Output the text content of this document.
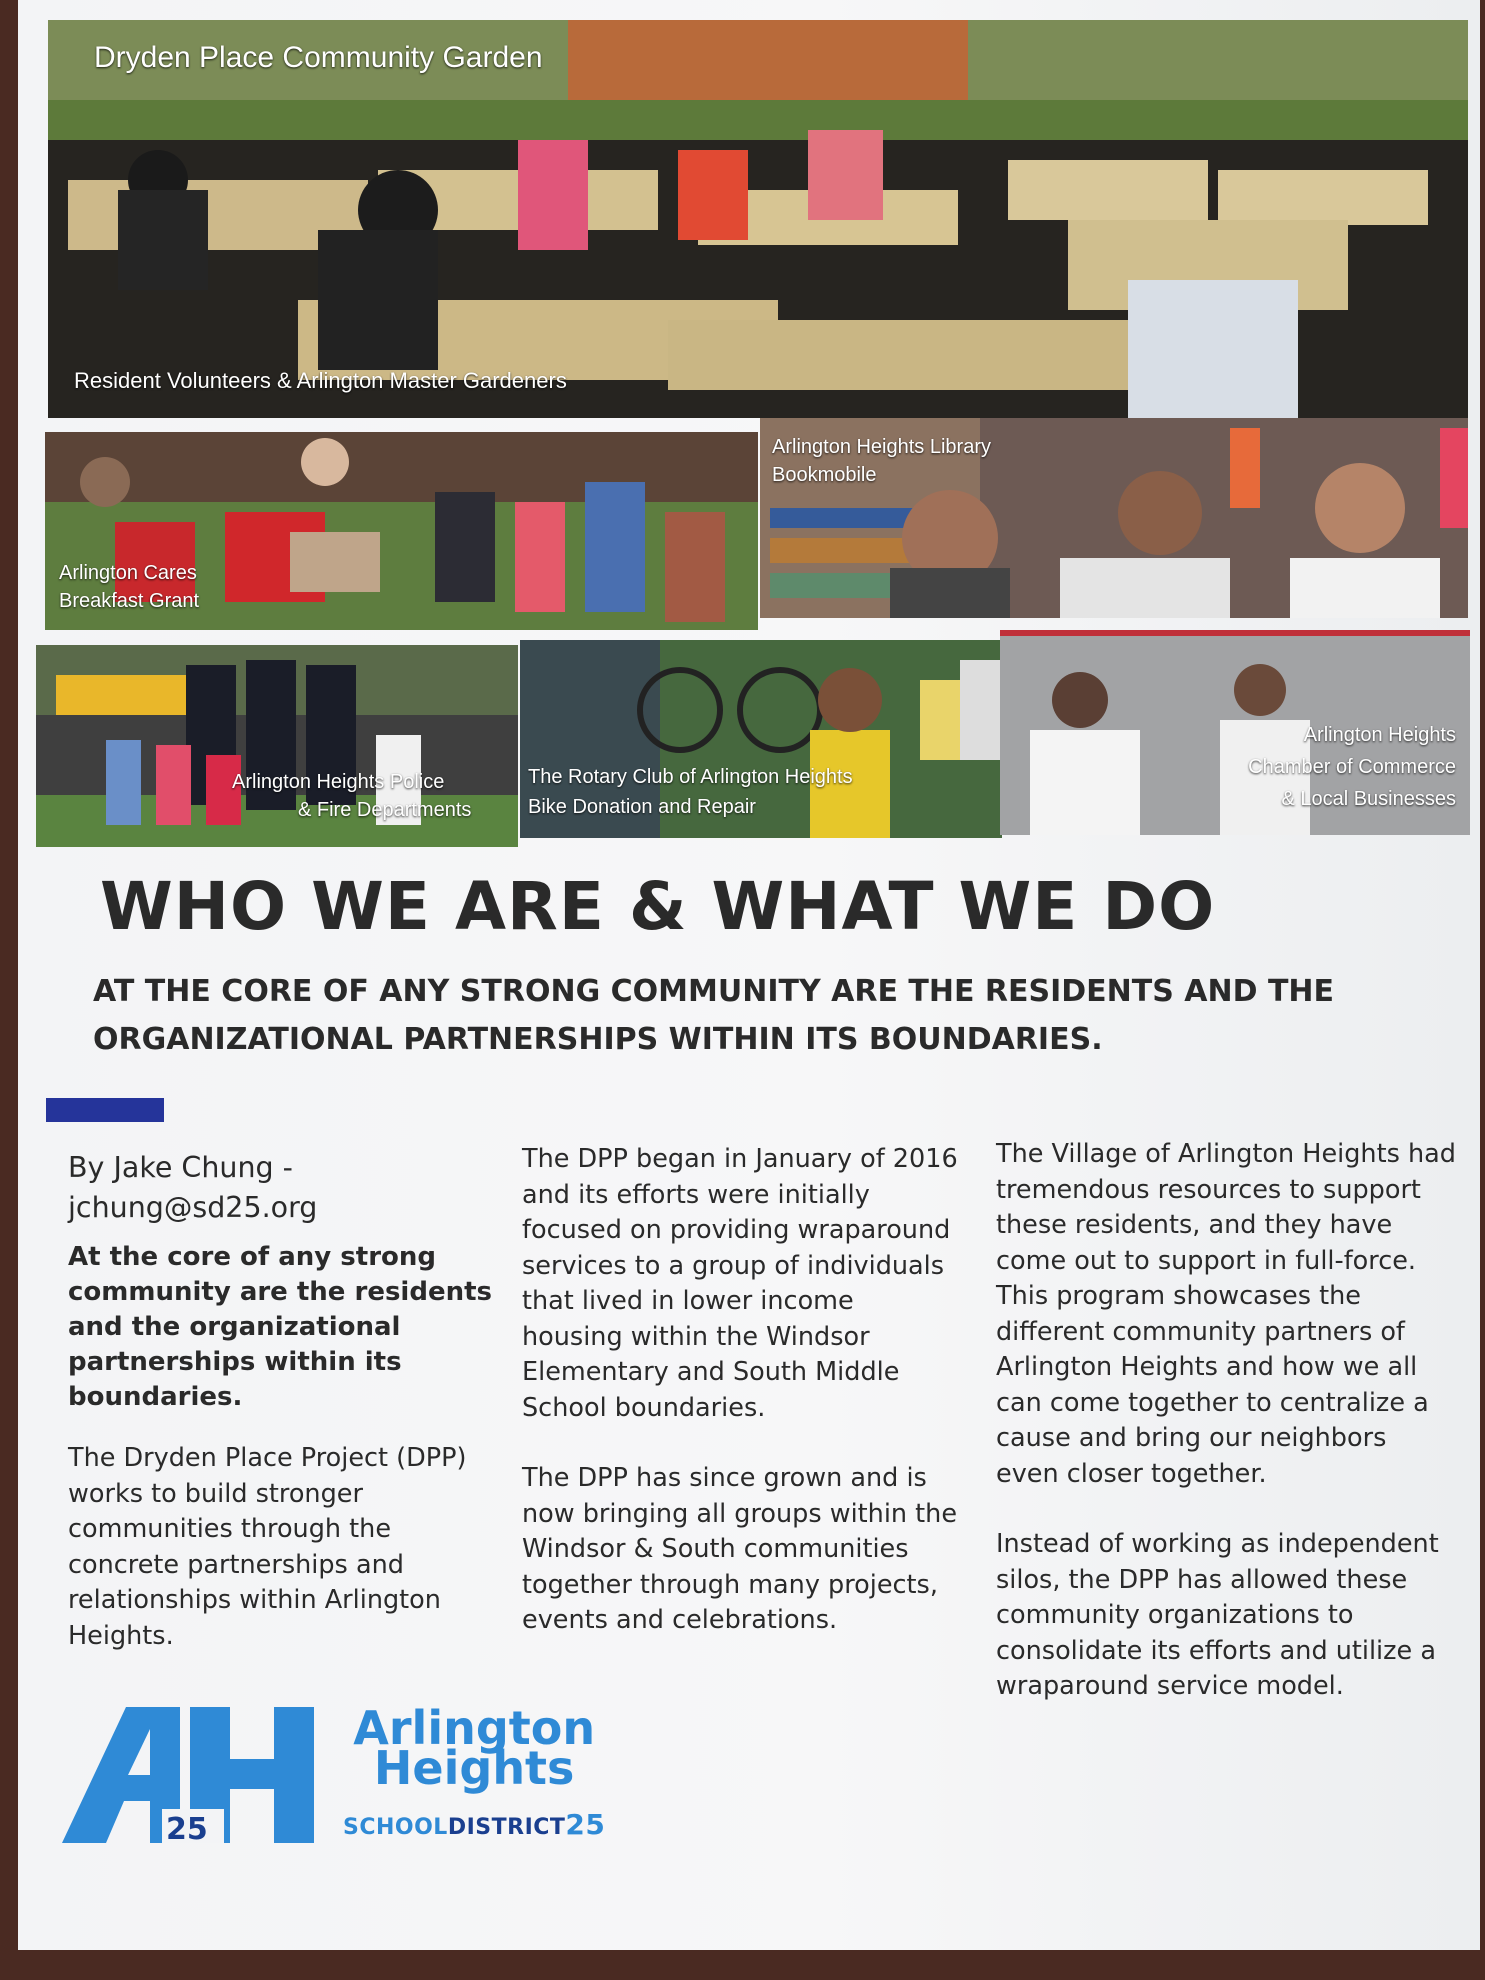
Dryden Place Community Garden
Resident Volunteers & Arlington Master Gardeners
Arlington Cares
Breakfast Grant
Arlington Heights Library
Bookmobile
Arlington Heights Police
& Fire Departments
The Rotary Club of Arlington Heights
Bike Donation and Repair
Arlington Heights
Chamber of Commerce
& Local Businesses
WHO WE ARE & WHAT WE DO
AT THE CORE OF ANY STRONG COMMUNITY ARE THE RESIDENTS AND THE ORGANIZATIONAL PARTNERSHIPS WITHIN ITS BOUNDARIES.

By Jake Chung -

jchung@sd25.org

At the core of any strong community are the residents and the organizational partnerships within its boundaries.

The Dryden Place Project (DPP) works to build stronger communities through the concrete partnerships and relationships within Arlington Heights.

The DPP began in January of 2016 and its efforts were initially focused on providing wraparound services to a group of individuals that lived in lower income housing within the Windsor Elementary and South Middle School boundaries.

The DPP has since grown and is now bringing all groups within the Windsor & South communities together through many projects, events and celebrations.

The Village of Arlington Heights had tremendous resources to support these residents, and they have come out to support in full-force. This program showcases the different community partners of Arlington Heights and how we all can come together to centralize a cause and bring our neighbors even closer together.

Instead of working as independent silos, the DPP has allowed these community organizations to consolidate its efforts and utilize a wraparound service model.

25

Arlington

Heights

SCHOOLDISTRICT25
